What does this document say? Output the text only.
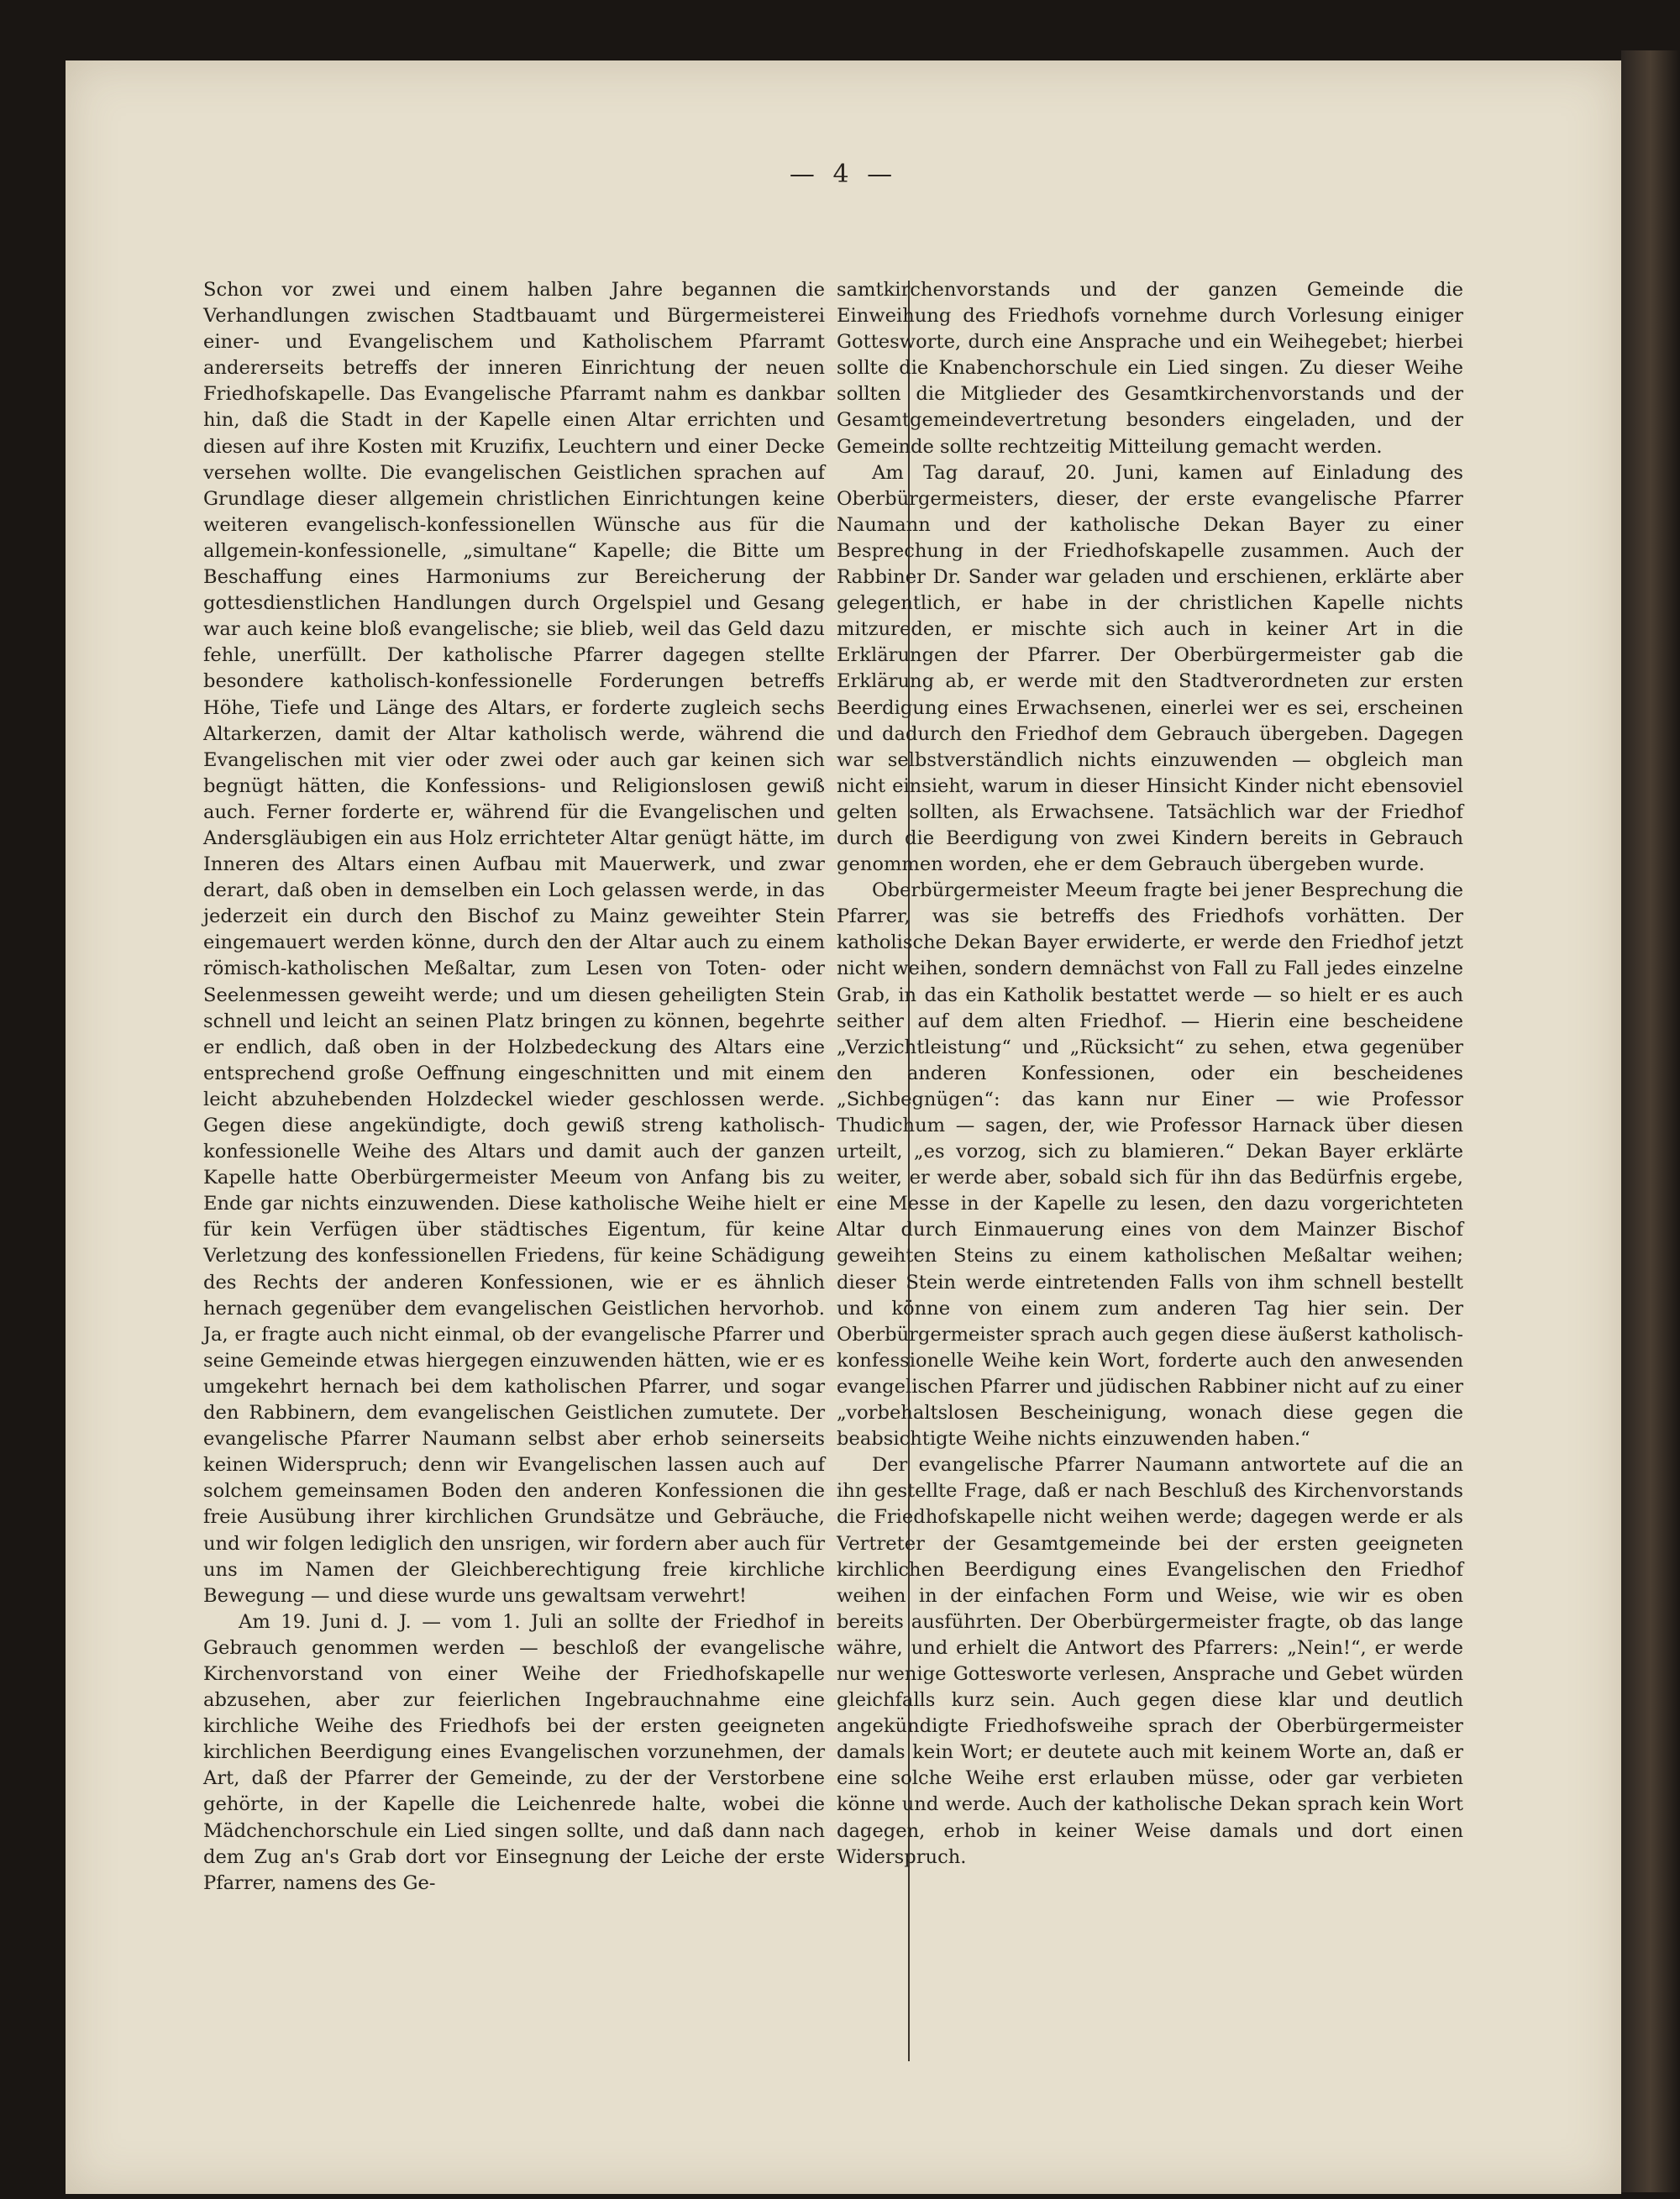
— 4 —

Schon vor zwei und einem halben Jahre begannen die Verhandlungen zwischen Stadtbauamt und Bürgermeisterei einer- und Evangelischem und Katholischem Pfarramt andererseits betreffs der inneren Einrichtung der neuen Friedhofskapelle. Das Evangelische Pfarramt nahm es dankbar hin, daß die Stadt in der Kapelle einen Altar errichten und diesen auf ihre Kosten mit Kruzifix, Leuchtern und einer Decke versehen wollte. Die evangelischen Geistlichen sprachen auf Grundlage dieser allgemein christlichen Einrichtungen keine weiteren evangelisch-konfessionellen Wünsche aus für die allgemein-konfessionelle, „simultane“ Kapelle; die Bitte um Beschaffung eines Harmoniums zur Bereicherung der gottesdienstlichen Handlungen durch Orgelspiel und Gesang war auch keine bloß evangelische; sie blieb, weil das Geld dazu fehle, unerfüllt. Der katholische Pfarrer dagegen stellte besondere katholisch-konfessionelle Forderungen betreffs Höhe, Tiefe und Länge des Altars, er forderte zugleich sechs Altarkerzen, damit der Altar katholisch werde, während die Evangelischen mit vier oder zwei oder auch gar keinen sich begnügt hätten, die Konfessions- und Religionslosen gewiß auch. Ferner forderte er, während für die Evangelischen und Andersgläubigen ein aus Holz errichteter Altar genügt hätte, im Inneren des Altars einen Aufbau mit Mauerwerk, und zwar derart, daß oben in demselben ein Loch gelassen werde, in das jederzeit ein durch den Bischof zu Mainz geweihter Stein eingemauert werden könne, durch den der Altar auch zu einem römisch-katholischen Meßaltar, zum Lesen von Toten- oder Seelenmessen geweiht werde; und um diesen geheiligten Stein schnell und leicht an seinen Platz bringen zu können, begehrte er endlich, daß oben in der Holzbedeckung des Altars eine entsprechend große Oeffnung eingeschnitten und mit einem leicht abzuhebenden Holzdeckel wieder geschlossen werde. Gegen diese angekündigte, doch gewiß streng katholisch-konfessionelle Weihe des Altars und damit auch der ganzen Kapelle hatte Oberbürgermeister Meeum von Anfang bis zu Ende gar nichts einzuwenden. Diese katholische Weihe hielt er für kein Verfügen über städtisches Eigentum, für keine Verletzung des konfessionellen Friedens, für keine Schädigung des Rechts der anderen Konfessionen, wie er es ähnlich hernach gegenüber dem evangelischen Geistlichen hervorhob. Ja, er fragte auch nicht einmal, ob der evangelische Pfarrer und seine Gemeinde etwas hiergegen einzuwenden hätten, wie er es umgekehrt hernach bei dem katholischen Pfarrer, und sogar den Rabbinern, dem evangelischen Geistlichen zumutete. Der evangelische Pfarrer Naumann selbst aber erhob seinerseits keinen Widerspruch; denn wir Evangelischen lassen auch auf solchem gemeinsamen Boden den anderen Konfessionen die freie Ausübung ihrer kirchlichen Grundsätze und Gebräuche, und wir folgen lediglich den unsrigen, wir fordern aber auch für uns im Namen der Gleichberechtigung freie kirchliche Bewegung — und diese wurde uns gewaltsam verwehrt!

Am 19. Juni d. J. — vom 1. Juli an sollte der Friedhof in Gebrauch genommen werden — beschloß der evangelische Kirchenvorstand von einer Weihe der Friedhofskapelle abzusehen, aber zur feierlichen Ingebrauchnahme eine kirchliche Weihe des Friedhofs bei der ersten geeigneten kirchlichen Beerdigung eines Evangelischen vorzunehmen, der Art, daß der Pfarrer der Gemeinde, zu der der Verstorbene gehörte, in der Kapelle die Leichenrede halte, wobei die Mädchenchorschule ein Lied singen sollte, und daß dann nach dem Zug an's Grab dort vor Einsegnung der Leiche der erste Pfarrer, namens des Ge-

samtkirchenvorstands und der ganzen Gemeinde die Einweihung des Friedhofs vornehme durch Vorlesung einiger Gottesworte, durch eine Ansprache und ein Weihegebet; hierbei sollte die Knabenchorschule ein Lied singen. Zu dieser Weihe sollten die Mitglieder des Gesamtkirchenvorstands und der Gesamtgemeindevertretung besonders eingeladen, und der Gemeinde sollte rechtzeitig Mitteilung gemacht werden.

Am Tag darauf, 20. Juni, kamen auf Einladung des Oberbürgermeisters, dieser, der erste evangelische Pfarrer Naumann und der katholische Dekan Bayer zu einer Besprechung in der Friedhofskapelle zusammen. Auch der Rabbiner Dr. Sander war geladen und erschienen, erklärte aber gelegentlich, er habe in der christlichen Kapelle nichts mitzureden, er mischte sich auch in keiner Art in die Erklärungen der Pfarrer. Der Oberbürgermeister gab die Erklärung ab, er werde mit den Stadtverordneten zur ersten Beerdigung eines Erwachsenen, einerlei wer es sei, erscheinen und dadurch den Friedhof dem Gebrauch übergeben. Dagegen war selbstverständlich nichts einzuwenden — obgleich man nicht einsieht, warum in dieser Hinsicht Kinder nicht ebensoviel gelten sollten, als Erwachsene. Tatsächlich war der Friedhof durch die Beerdigung von zwei Kindern bereits in Gebrauch genommen worden, ehe er dem Gebrauch übergeben wurde.

Oberbürgermeister Meeum fragte bei jener Besprechung die Pfarrer, was sie betreffs des Friedhofs vorhätten. Der katholische Dekan Bayer erwiderte, er werde den Friedhof jetzt nicht weihen, sondern demnächst von Fall zu Fall jedes einzelne Grab, in das ein Katholik bestattet werde — so hielt er es auch seither auf dem alten Friedhof. — Hierin eine bescheidene „Verzichtleistung“ und „Rücksicht“ zu sehen, etwa gegenüber den anderen Konfessionen, oder ein bescheidenes „Sichbegnügen“: das kann nur Einer — wie Professor Thudichum — sagen, der, wie Professor Harnack über diesen urteilt, „es vorzog, sich zu blamieren.“ Dekan Bayer erklärte weiter, er werde aber, sobald sich für ihn das Bedürfnis ergebe, eine Messe in der Kapelle zu lesen, den dazu vorgerichteten Altar durch Einmauerung eines von dem Mainzer Bischof geweihten Steins zu einem katholischen Meßaltar weihen; dieser Stein werde eintretenden Falls von ihm schnell bestellt und könne von einem zum anderen Tag hier sein. Der Oberbürgermeister sprach auch gegen diese äußerst katholisch-konfessionelle Weihe kein Wort, forderte auch den anwesenden evangelischen Pfarrer und jüdischen Rabbiner nicht auf zu einer „vorbehaltslosen Bescheinigung, wonach diese gegen die beabsichtigte Weihe nichts einzuwenden haben.“

Der evangelische Pfarrer Naumann antwortete auf die an ihn gestellte Frage, daß er nach Beschluß des Kirchenvorstands die Friedhofskapelle nicht weihen werde; dagegen werde er als Vertreter der Gesamtgemeinde bei der ersten geeigneten kirchlichen Beerdigung eines Evangelischen den Friedhof weihen in der einfachen Form und Weise, wie wir es oben bereits ausführten. Der Oberbürgermeister fragte, ob das lange währe, und erhielt die Antwort des Pfarrers: „Nein!“, er werde nur wenige Gottesworte verlesen, Ansprache und Gebet würden gleichfalls kurz sein. Auch gegen diese klar und deutlich angekündigte Friedhofsweihe sprach der Oberbürgermeister damals kein Wort; er deutete auch mit keinem Worte an, daß er eine solche Weihe erst erlauben müsse, oder gar verbieten könne und werde. Auch der katholische Dekan sprach kein Wort dagegen, erhob in keiner Weise damals und dort einen Widerspruch.
